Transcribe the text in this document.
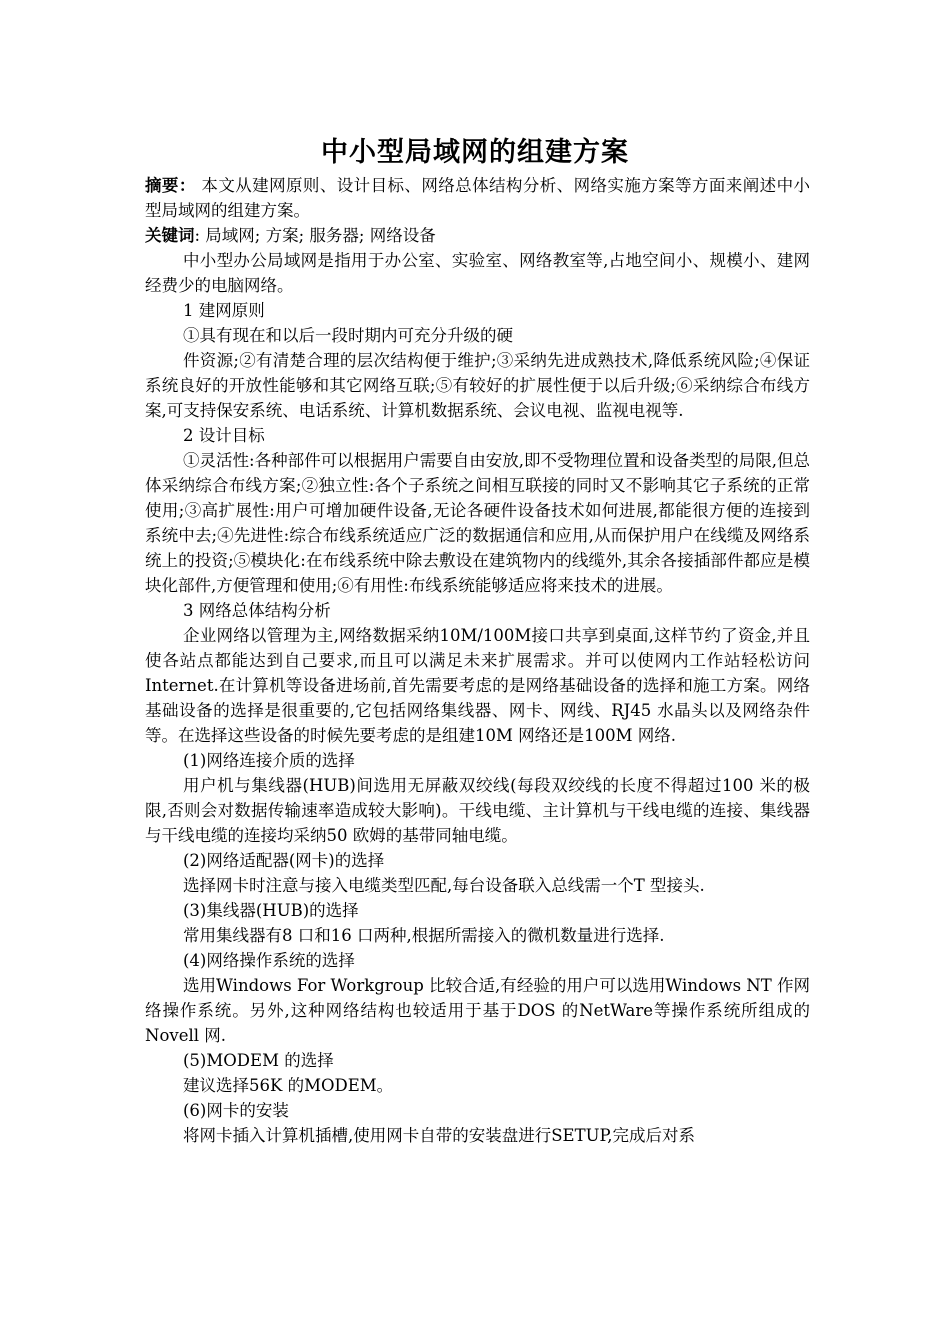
中小型局域网的组建方案

摘要： 本文从建网原则、设计目标、网络总体结构分析、网络实施方案等方面来阐述中小型局域网的组建方案。

关键词: 局域网; 方案; 服务器; 网络设备

中小型办公局域网是指用于办公室、实验室、网络教室等,占地空间小、规模小、建网经费少的电脑网络。

1 建网原则

①具有现在和以后一段时期内可充分升级的硬

件资源;②有清楚合理的层次结构便于维护;③采纳先进成熟技术,降低系统风险;④保证系统良好的开放性能够和其它网络互联;⑤有较好的扩展性便于以后升级;⑥采纳综合布线方案,可支持保安系统、电话系统、计算机数据系统、会议电视、监视电视等.

2 设计目标

①灵活性:各种部件可以根据用户需要自由安放,即不受物理位置和设备类型的局限,但总体采纳综合布线方案;②独立性:各个子系统之间相互联接的同时又不影响其它子系统的正常使用;③高扩展性:用户可增加硬件设备,无论各硬件设备技术如何进展,都能很方便的连接到系统中去;④先进性:综合布线系统适应广泛的数据通信和应用,从而保护用户在线缆及网络系统上的投资;⑤模块化:在布线系统中除去敷设在建筑物内的线缆外,其余各接插部件都应是模块化部件,方便管理和使用;⑥有用性:布线系统能够适应将来技术的进展。

3 网络总体结构分析

企业网络以管理为主,网络数据采纳10M/100M接口共享到桌面,这样节约了资金,并且使各站点都能达到自己要求,而且可以满足未来扩展需求。并可以使网内工作站轻松访问Internet.在计算机等设备进场前,首先需要考虑的是网络基础设备的选择和施工方案。网络基础设备的选择是很重要的,它包括网络集线器、网卡、网线、RJ45 水晶头以及网络杂件等。在选择这些设备的时候先要考虑的是组建10M 网络还是100M 网络.

(1)网络连接介质的选择

用户机与集线器(HUB)间选用无屏蔽双绞线(每段双绞线的长度不得超过100 米的极限,否则会对数据传输速率造成较大影响)。干线电缆、主计算机与干线电缆的连接、集线器与干线电缆的连接均采纳50 欧姆的基带同轴电缆。

(2)网络适配器(网卡)的选择

选择网卡时注意与接入电缆类型匹配,每台设备联入总线需一个T 型接头.

(3)集线器(HUB)的选择

常用集线器有8 口和16 口两种,根据所需接入的微机数量进行选择.

(4)网络操作系统的选择

选用Windows For Workgroup 比较合适,有经验的用户可以选用Windows NT 作网络操作系统。另外,这种网络结构也较适用于基于DOS 的NetWare等操作系统所组成的Novell 网.

(5)MODEM 的选择

建议选择56K 的MODEM。

(6)网卡的安装

将网卡插入计算机插槽,使用网卡自带的安装盘进行SETUP,完成后对系
